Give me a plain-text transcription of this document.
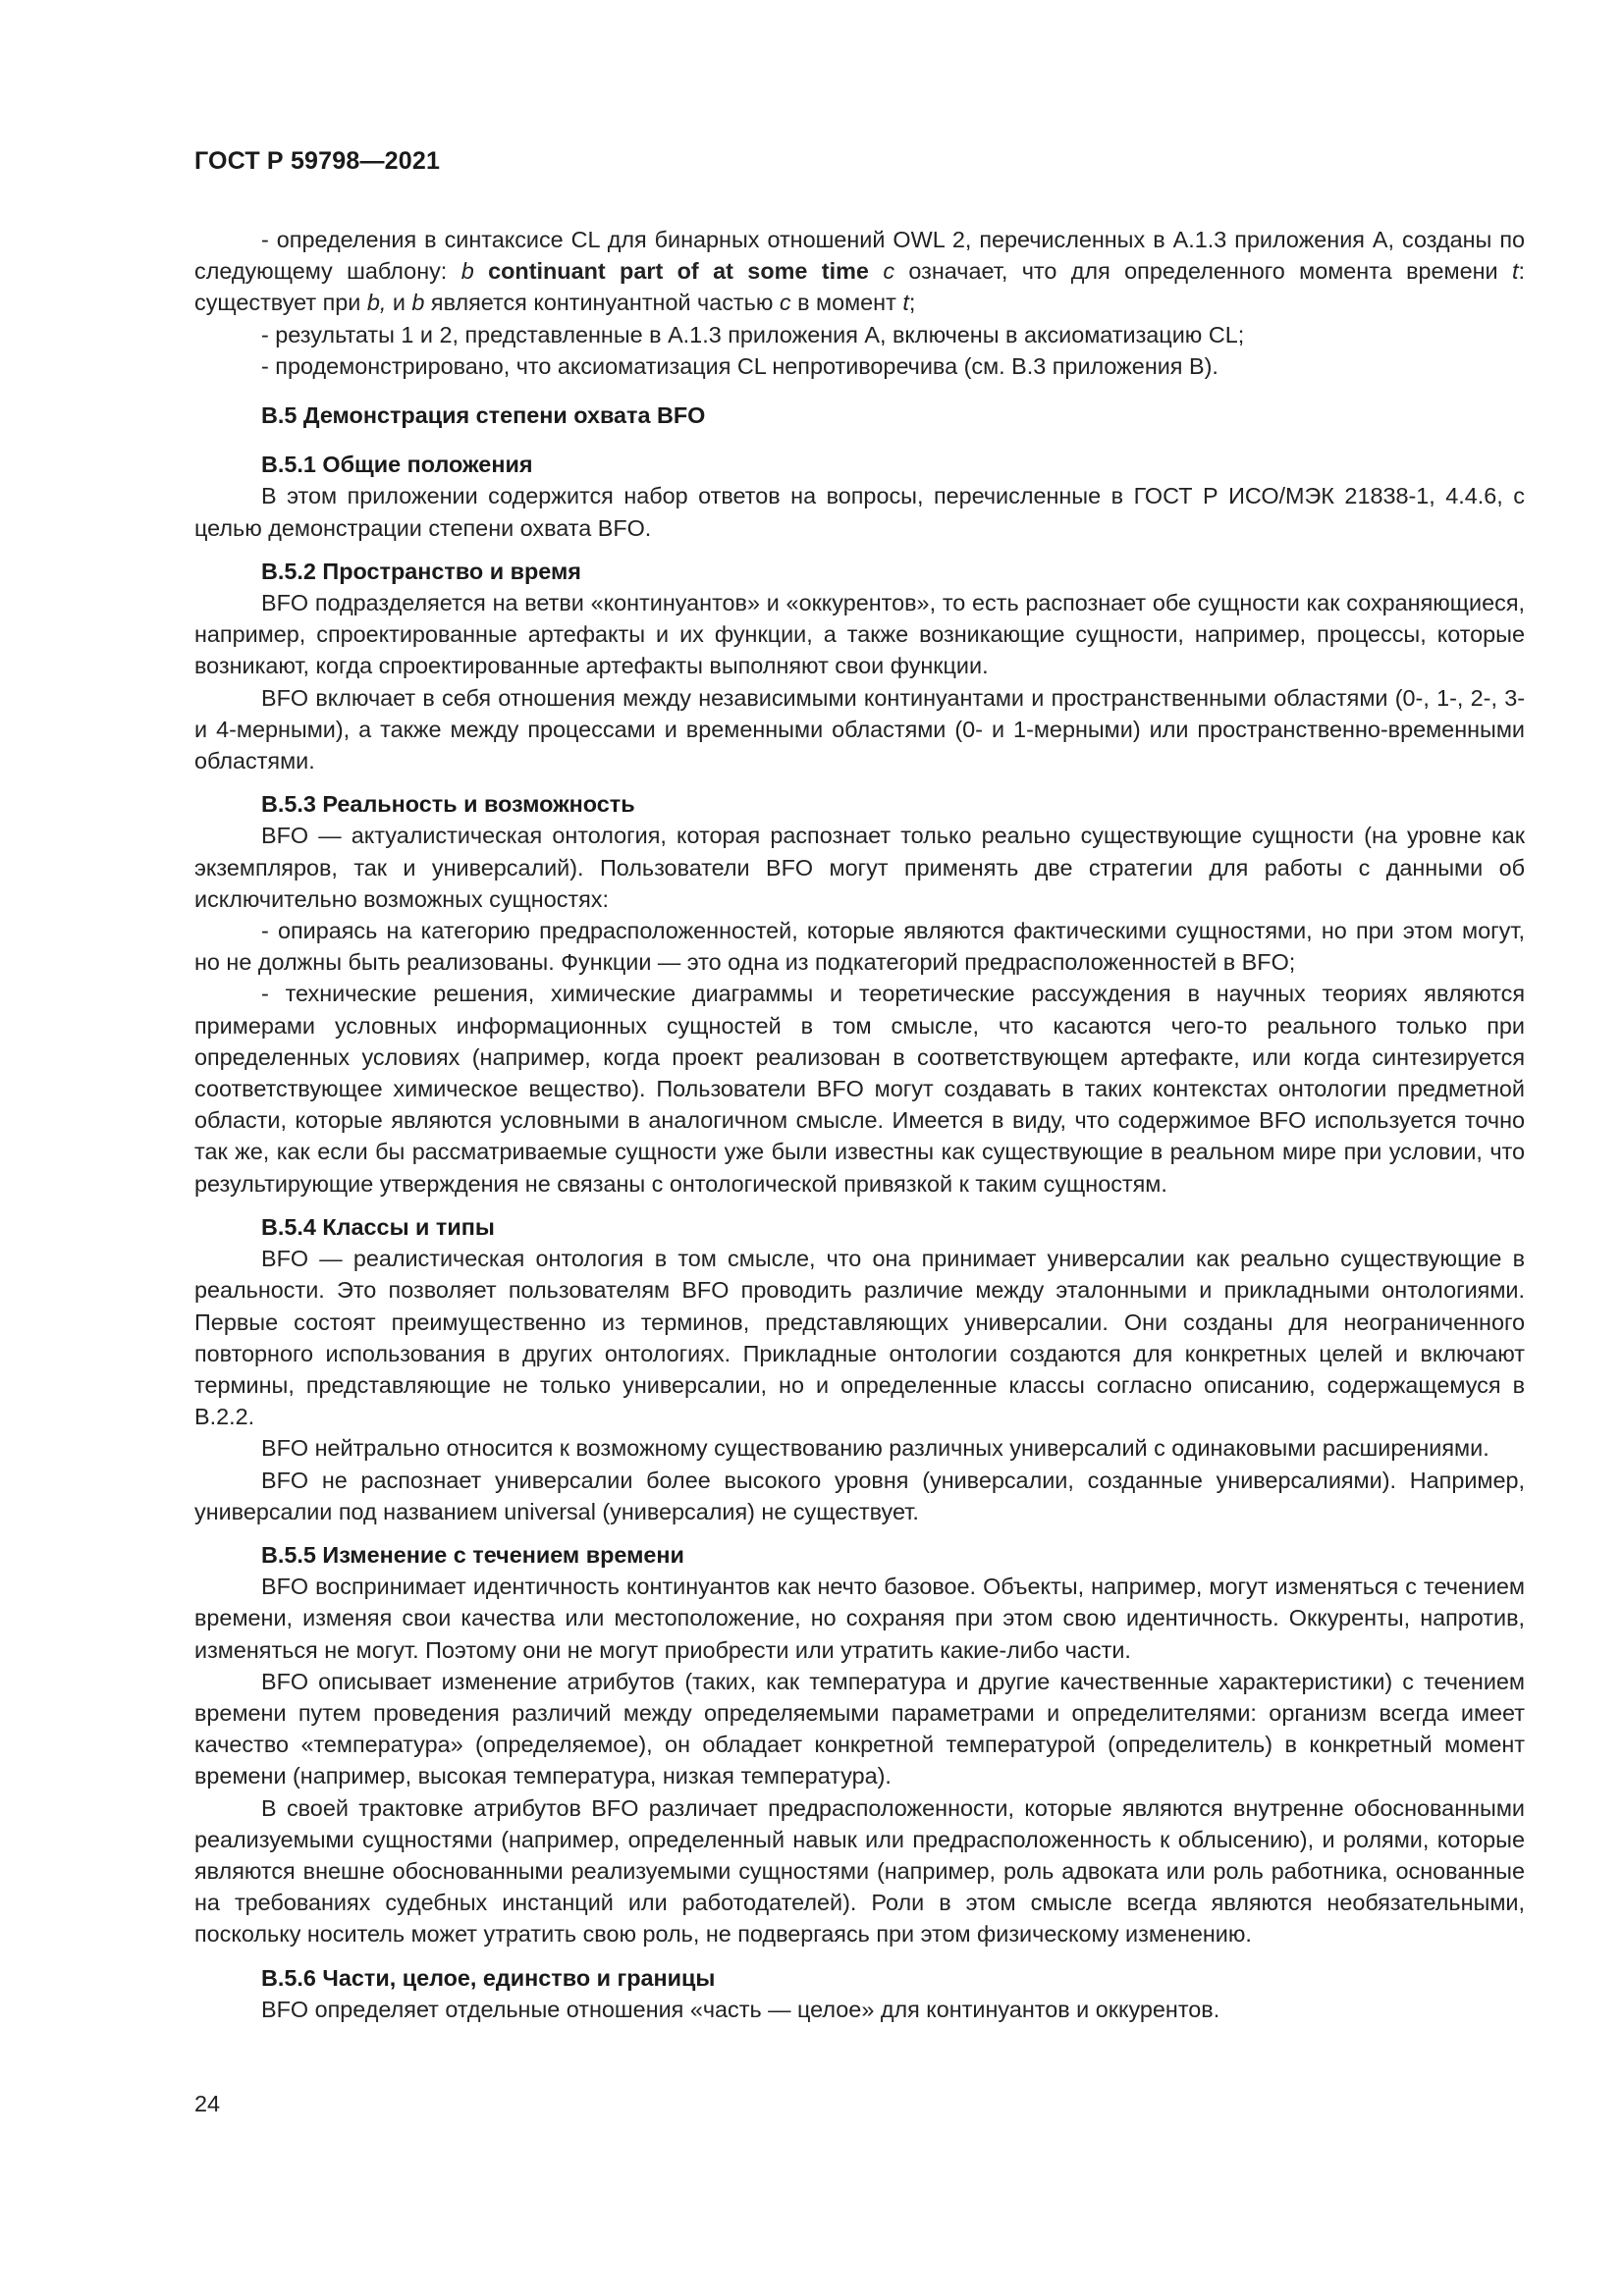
ГОСТ Р 59798—2021

- определения в синтаксисе CL для бинарных отношений OWL 2, перечисленных в А.1.3 приложения А, созданы по следующему шаблону: b continuant part of at some time c означает, что для определенного момента времени t: существует при b, и b является континуантной частью c в момент t;

- результаты 1 и 2, представленные в А.1.3 приложения А, включены в аксиоматизацию CL;

- продемонстрировано, что аксиоматизация CL непротиворечива (см. В.3 приложения В).

В.5 Демонстрация степени охвата BFO
В.5.1 Общие положения

В этом приложении содержится набор ответов на вопросы, перечисленные в ГОСТ Р ИСО/МЭК 21838-1, 4.4.6, с целью демонстрации степени охвата BFO.

В.5.2 Пространство и время

BFO подразделяется на ветви «континуантов» и «оккурентов», то есть распознает обе сущности как сохраняющиеся, например, спроектированные артефакты и их функции, а также возникающие сущности, например, процессы, которые возникают, когда спроектированные артефакты выполняют свои функции.

BFO включает в себя отношения между независимыми континуантами и пространственными областями (0-, 1-, 2-, 3- и 4-мерными), а также между процессами и временными областями (0- и 1-мерными) или пространственно-временными областями.

В.5.3 Реальность и возможность

BFO — актуалистическая онтология, которая распознает только реально существующие сущности (на уровне как экземпляров, так и универсалий). Пользователи BFO могут применять две стратегии для работы с данными об исключительно возможных сущностях:

- опираясь на категорию предрасположенностей, которые являются фактическими сущностями, но при этом могут, но не должны быть реализованы. Функции — это одна из подкатегорий предрасположенностей в BFO;

- технические решения, химические диаграммы и теоретические рассуждения в научных теориях являются примерами условных информационных сущностей в том смысле, что касаются чего-то реального только при определенных условиях (например, когда проект реализован в соответствующем артефакте, или когда синтезируется соответствующее химическое вещество). Пользователи BFO могут создавать в таких контекстах онтологии предметной области, которые являются условными в аналогичном смысле. Имеется в виду, что содержимое BFO используется точно так же, как если бы рассматриваемые сущности уже были известны как существующие в реальном мире при условии, что результирующие утверждения не связаны с онтологической привязкой к таким сущностям.

В.5.4 Классы и типы

BFO — реалистическая онтология в том смысле, что она принимает универсалии как реально существующие в реальности. Это позволяет пользователям BFO проводить различие между эталонными и прикладными онтологиями. Первые состоят преимущественно из терминов, представляющих универсалии. Они созданы для неограниченного повторного использования в других онтологиях. Прикладные онтологии создаются для конкретных целей и включают термины, представляющие не только универсалии, но и определенные классы согласно описанию, содержащемуся в В.2.2.

BFO нейтрально относится к возможному существованию различных универсалий с одинаковыми расширениями.

BFO не распознает универсалии более высокого уровня (универсалии, созданные универсалиями). Например, универсалии под названием universal (универсалия) не существует.

В.5.5 Изменение с течением времени

BFO воспринимает идентичность континуантов как нечто базовое. Объекты, например, могут изменяться с течением времени, изменяя свои качества или местоположение, но сохраняя при этом свою идентичность. Оккуренты, напротив, изменяться не могут. Поэтому они не могут приобрести или утратить какие-либо части.

BFO описывает изменение атрибутов (таких, как температура и другие качественные характеристики) с течением времени путем проведения различий между определяемыми параметрами и определителями: организм всегда имеет качество «температура» (определяемое), он обладает конкретной температурой (определитель) в конкретный момент времени (например, высокая температура, низкая температура).

В своей трактовке атрибутов BFO различает предрасположенности, которые являются внутренне обоснованными реализуемыми сущностями (например, определенный навык или предрасположенность к облысению), и ролями, которые являются внешне обоснованными реализуемыми сущностями (например, роль адвоката или роль работника, основанные на требованиях судебных инстанций или работодателей). Роли в этом смысле всегда являются необязательными, поскольку носитель может утратить свою роль, не подвергаясь при этом физическому изменению.

В.5.6 Части, целое, единство и границы

BFO определяет отдельные отношения «часть — целое» для континуантов и оккурентов.

24
